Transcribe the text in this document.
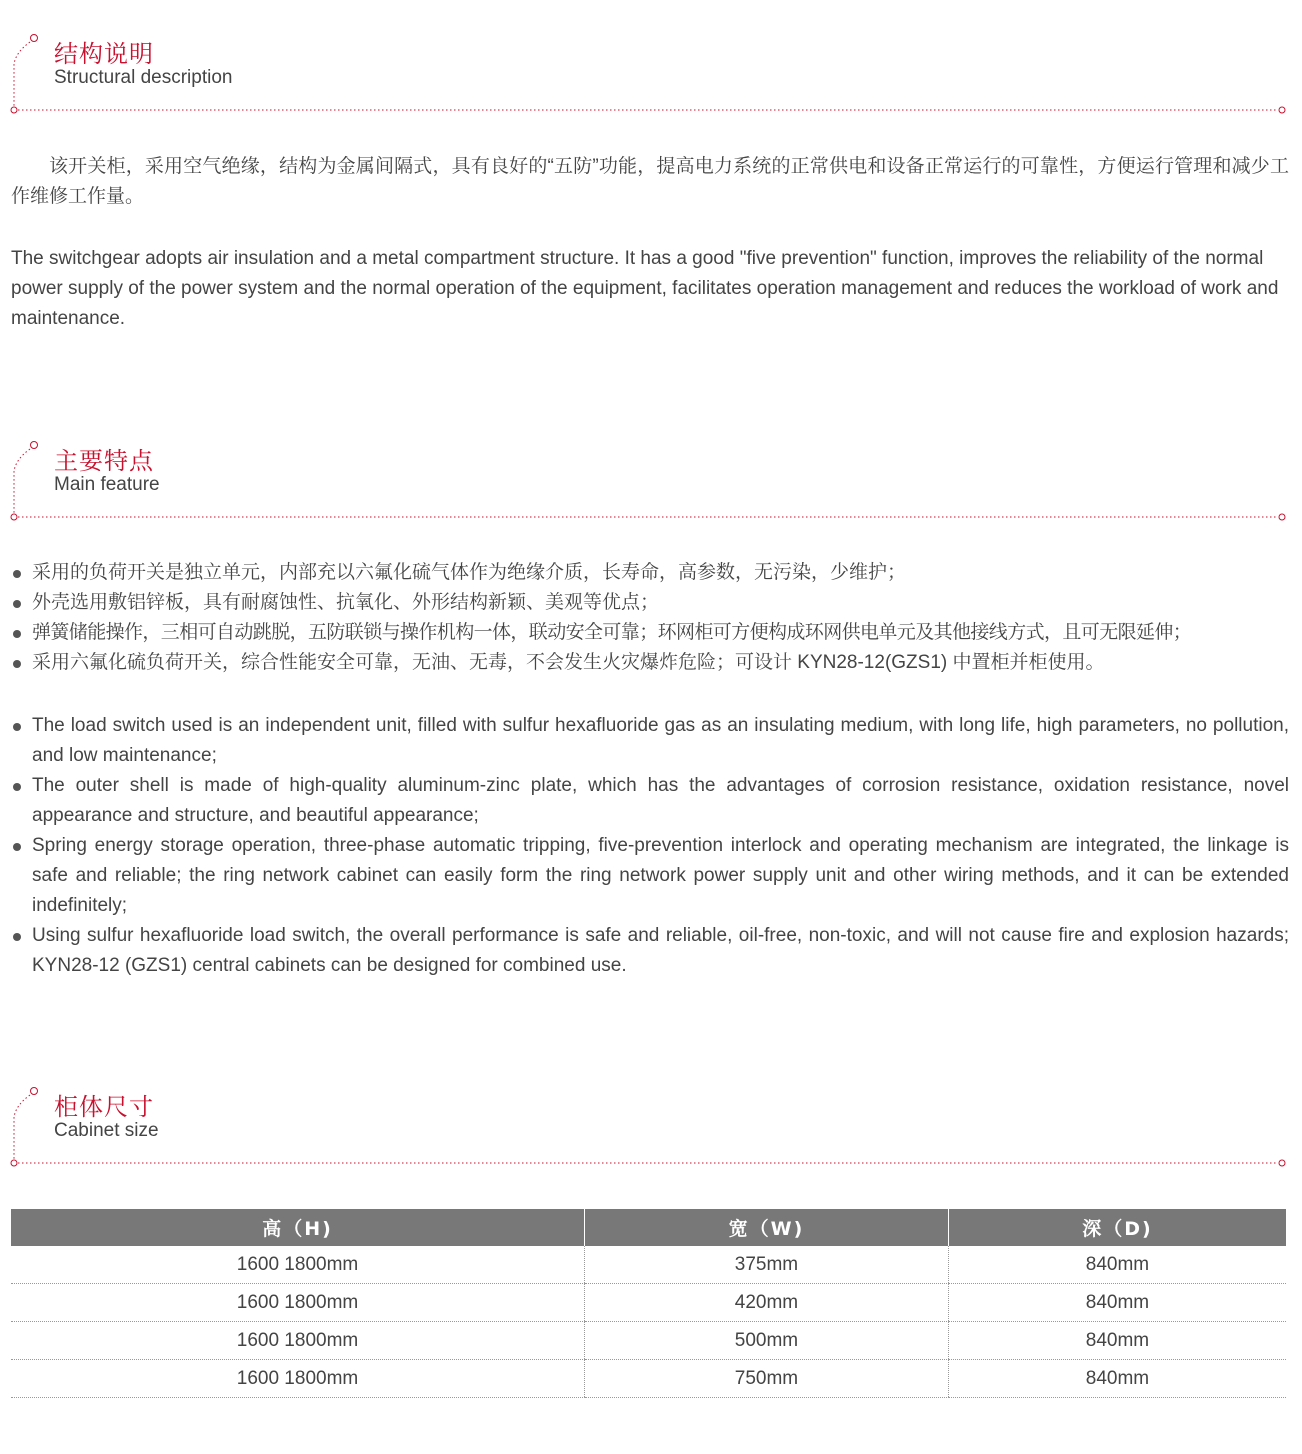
结构说明
Structural description

该开关柜，采用空气绝缘，结构为金属间隔式，具有良好的“五防”功能，提高电力系统的正常供电和设备正常运行的可靠性，方便运行管理和减少工作维修工作量。

The switchgear adopts air insulation and a metal compartment structure. It has a good "five prevention" function, improves the reliability of the normal power supply of the power system and the normal operation of the equipment, facilitates operation management and reduces the workload of work and maintenance.

主要特点
Main feature
采用的负荷开关是独立单元，内部充以六氟化硫气体作为绝缘介质，长寿命，高参数，无污染，少维护；
外壳选用敷铝锌板，具有耐腐蚀性、抗氧化、外形结构新颖、美观等优点；
弹簧储能操作，三相可自动跳脱，五防联锁与操作机构一体，联动安全可靠；环网柜可方便构成环网供电单元及其他接线方式，且可无限延伸；
采用六氟化硫负荷开关，综合性能安全可靠，无油、无毒，不会发生火灾爆炸危险；可设计 KYN28-12(GZS1) 中置柜并柜使用。
The load switch used is an independent unit, filled with sulfur hexafluoride gas as an insulating medium, with long life, high parameters, no pollution, and low maintenance;
The outer shell is made of high-quality aluminum-zinc plate, which has the advantages of corrosion resistance, oxidation resistance, novel appearance and structure, and beautiful appearance;
Spring energy storage operation, three-phase automatic tripping, five-prevention interlock and operating mechanism are integrated, the linkage is safe and reliable; the ring network cabinet can easily form the ring network power supply unit and other wiring methods, and it can be extended indefinitely;
Using sulfur hexafluoride load switch, the overall performance is safe and reliable, oil-free, non-toxic, and will not cause fire and explosion hazards; KYN28-12 (GZS1) central cabinets can be designed for combined use.
柜体尺寸
Cabinet size
高（H)	宽（W)	深（D)
1600 1800mm	375mm	840mm
1600 1800mm	420mm	840mm
1600 1800mm	500mm	840mm
1600 1800mm	750mm	840mm
